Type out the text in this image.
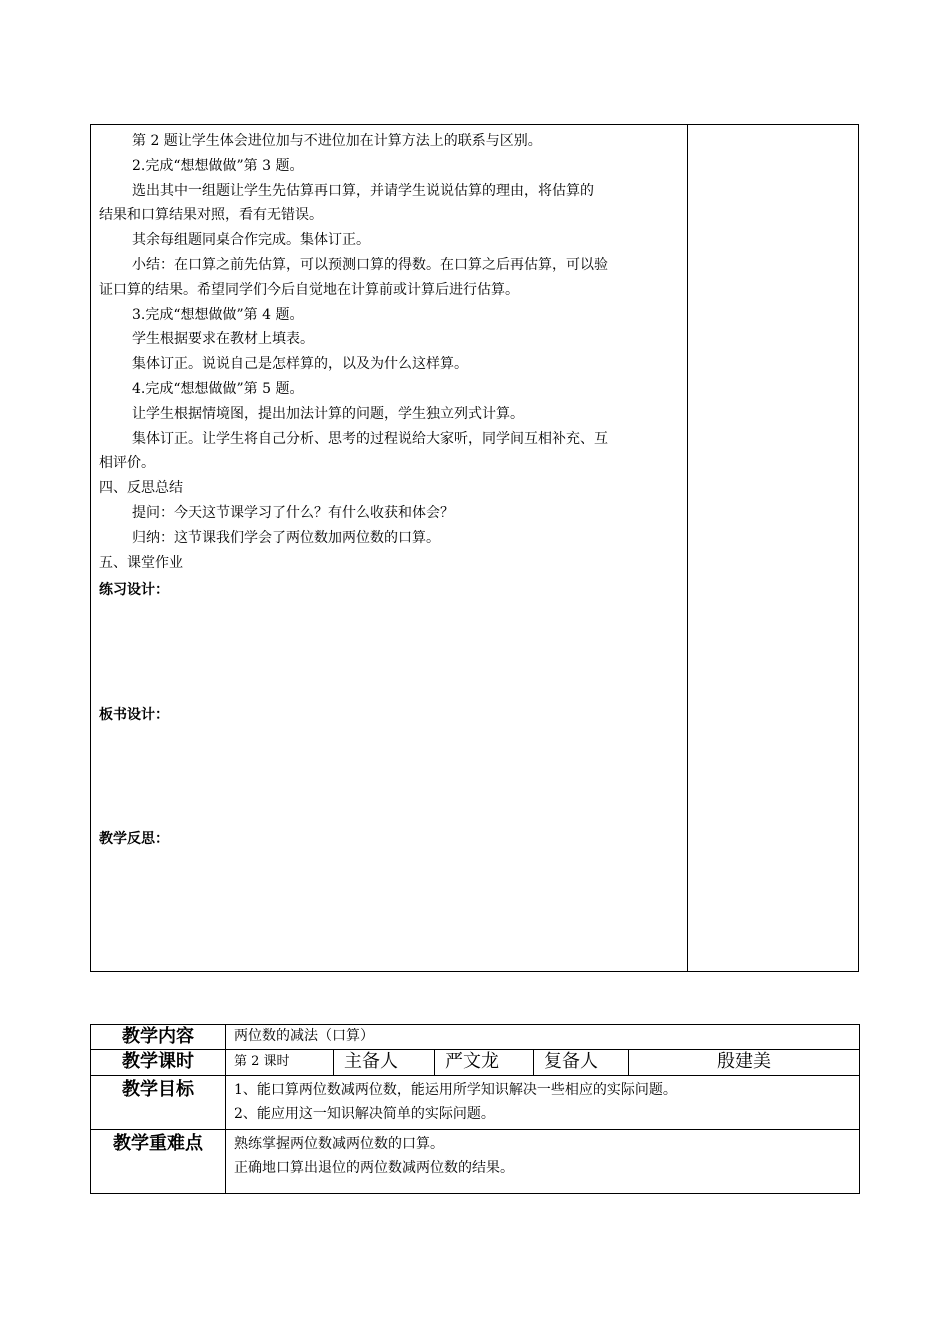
第 2 题让学生体会进位加与不进位加在计算方法上的联系与区别。
2.完成“想想做做”第 3 题。
选出其中一组题让学生先估算再口算，并请学生说说估算的理由，将估算的
结果和口算结果对照，看有无错误。
其余每组题同桌合作完成。集体订正。
小结：在口算之前先估算，可以预测口算的得数。在口算之后再估算，可以验
证口算的结果。希望同学们今后自觉地在计算前或计算后进行估算。
3.完成“想想做做”第 4 题。
学生根据要求在教材上填表。
集体订正。说说自己是怎样算的，以及为什么这样算。
4.完成“想想做做”第 5 题。
让学生根据情境图，提出加法计算的问题，学生独立列式计算。
集体订正。让学生将自己分析、思考的过程说给大家听，同学间互相补充、互
相评价。
四、反思总结
提问：今天这节课学习了什么？有什么收获和体会？
归纳：这节课我们学会了两位数加两位数的口算。
五、课堂作业
练习设计：
板书设计：
教学反思：
教学内容	两位数的减法（口算）				
教学课时	第 2 课时	主备人	严文龙	复备人	殷建美
教学目标	1、能口算两位数减两位数，能运用所学知识解决一些相应的实际问题。
2、能应用这一知识解决简单的实际问题。				

教学重难点	熟练掌握两位数减两位数的口算。
正确地口算出退位的两位数减两位数的结果。				
